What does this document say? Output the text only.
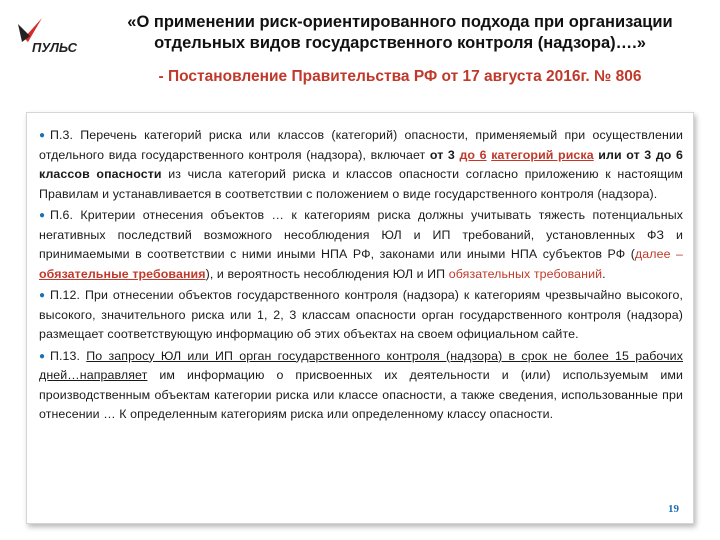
ПУЛЬС
«О применении риск-ориентированного подхода при организации
отдельных видов государственного контроля (надзора)….»
- Постановление Правительства РФ от 17 августа 2016г. № 806

● П.3. Перечень категорий риска или классов (категорий) опасности, применяемый при осуществлении отдельного вида государственного контроля (надзора), включает от 3 до 6 категорий риска или от 3 до 6 классов опасности из числа категорий риска и классов опасности согласно приложению к настоящим Правилам и устанавливается в соответствии с положением о виде государственного контроля (надзора).

● П.6. Критерии отнесения объектов … к категориям риска должны учитывать тяжесть потенциальных негативных последствий возможного несоблюдения ЮЛ и ИП требований, установленных ФЗ и принимаемыми в соответствии с ними иными НПА РФ, законами или иными НПА субъектов РФ (далее – обязательные требования), и вероятность несоблюдения ЮЛ и ИП обязательных требований.

● П.12. При отнесении объектов государственного контроля (надзора) к категориям чрезвычайно высокого, высокого, значительного риска или 1, 2, 3 классам опасности орган государственного контроля (надзора) размещает соответствующую информацию об этих объектах на своем официальном сайте.

● П.13. По запросу ЮЛ или ИП орган государственного контроля (надзора) в срок не более 15 рабочих дней…направляет им информацию о присвоенных их деятельности и (или) используемым ими производственным объектам категории риска или классе опасности, а также сведения, использованные при отнесении … К определенным категориям риска или определенному классу опасности.

19
